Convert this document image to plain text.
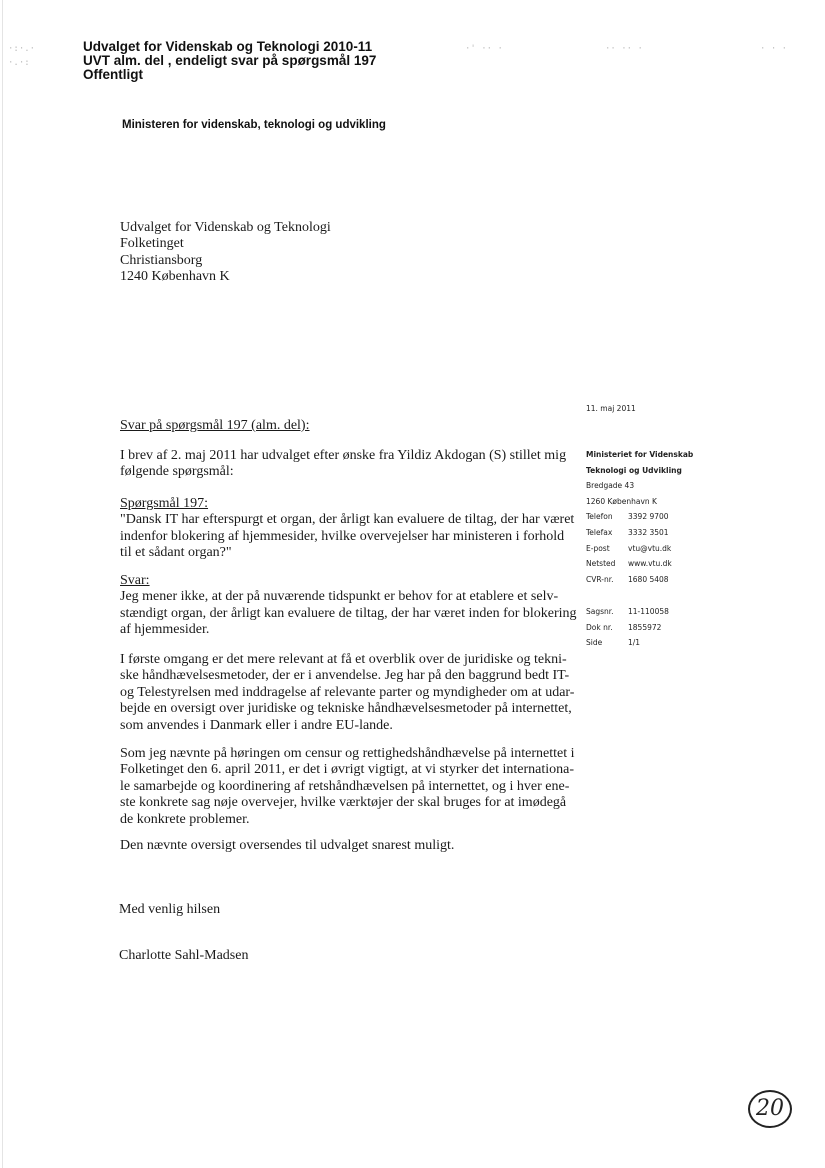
·:·.·
·.·:
·' ·· ·	·· ·· ·	· · ·
Udvalget for Videnskab og Teknologi 2010-11
UVT alm. del , endeligt svar på spørgsmål 197
Offentligt
Ministeren for videnskab, teknologi og udvikling
Udvalget for Videnskab og Teknologi
Folketinget
Christiansborg
1240 København K
Svar på spørgsmål 197 (alm. del):
I brev af 2. maj 2011 har udvalget efter ønske fra Yildiz Akdogan (S) stillet mig
følgende spørgsmål:
Spørgsmål 197:
"Dansk IT har efterspurgt et organ, der årligt kan evaluere de tiltag, der har været
indenfor blokering af hjemmesider, hvilke overvejelser har ministeren i forhold
til et sådant organ?"
Svar:
Jeg mener ikke, at der på nuværende tidspunkt er behov for at etablere et selv-
stændigt organ, der årligt kan evaluere de tiltag, der har været inden for blokering
af hjemmesider.
I første omgang er det mere relevant at få et overblik over de juridiske og tekni-
ske håndhævelsesmetoder, der er i anvendelse. Jeg har på den baggrund bedt IT-
og Telestyrelsen med inddragelse af relevante parter og myndigheder om at udar-
bejde en oversigt over juridiske og tekniske håndhævelsesmetoder på internettet,
som anvendes i Danmark eller i andre EU-lande.
Som jeg nævnte på høringen om censur og rettighedshåndhævelse på internettet i
Folketinget den 6. april 2011, er det i øvrigt vigtigt, at vi styrker det internationa-
le samarbejde og koordinering af retshåndhævelsen på internettet, og i hver ene-
ste konkrete sag nøje overvejer, hvilke værktøjer der skal bruges for at imødegå
de konkrete problemer.
Den nævnte oversigt oversendes til udvalget snarest muligt.
Med venlig hilsen
Charlotte Sahl-Madsen
11. maj 2011
Ministeriet for Videnskab
Teknologi og Udvikling
Bredgade 43
1260 København K
Telefon 3392 9700
Telefax 3332 3501
E-post vtu@vtu.dk
Netsted www.vtu.dk
CVR-nr. 1680 5408
Sagsnr. 11-110058
Dok nr. 1855972
Side	1/1
20
